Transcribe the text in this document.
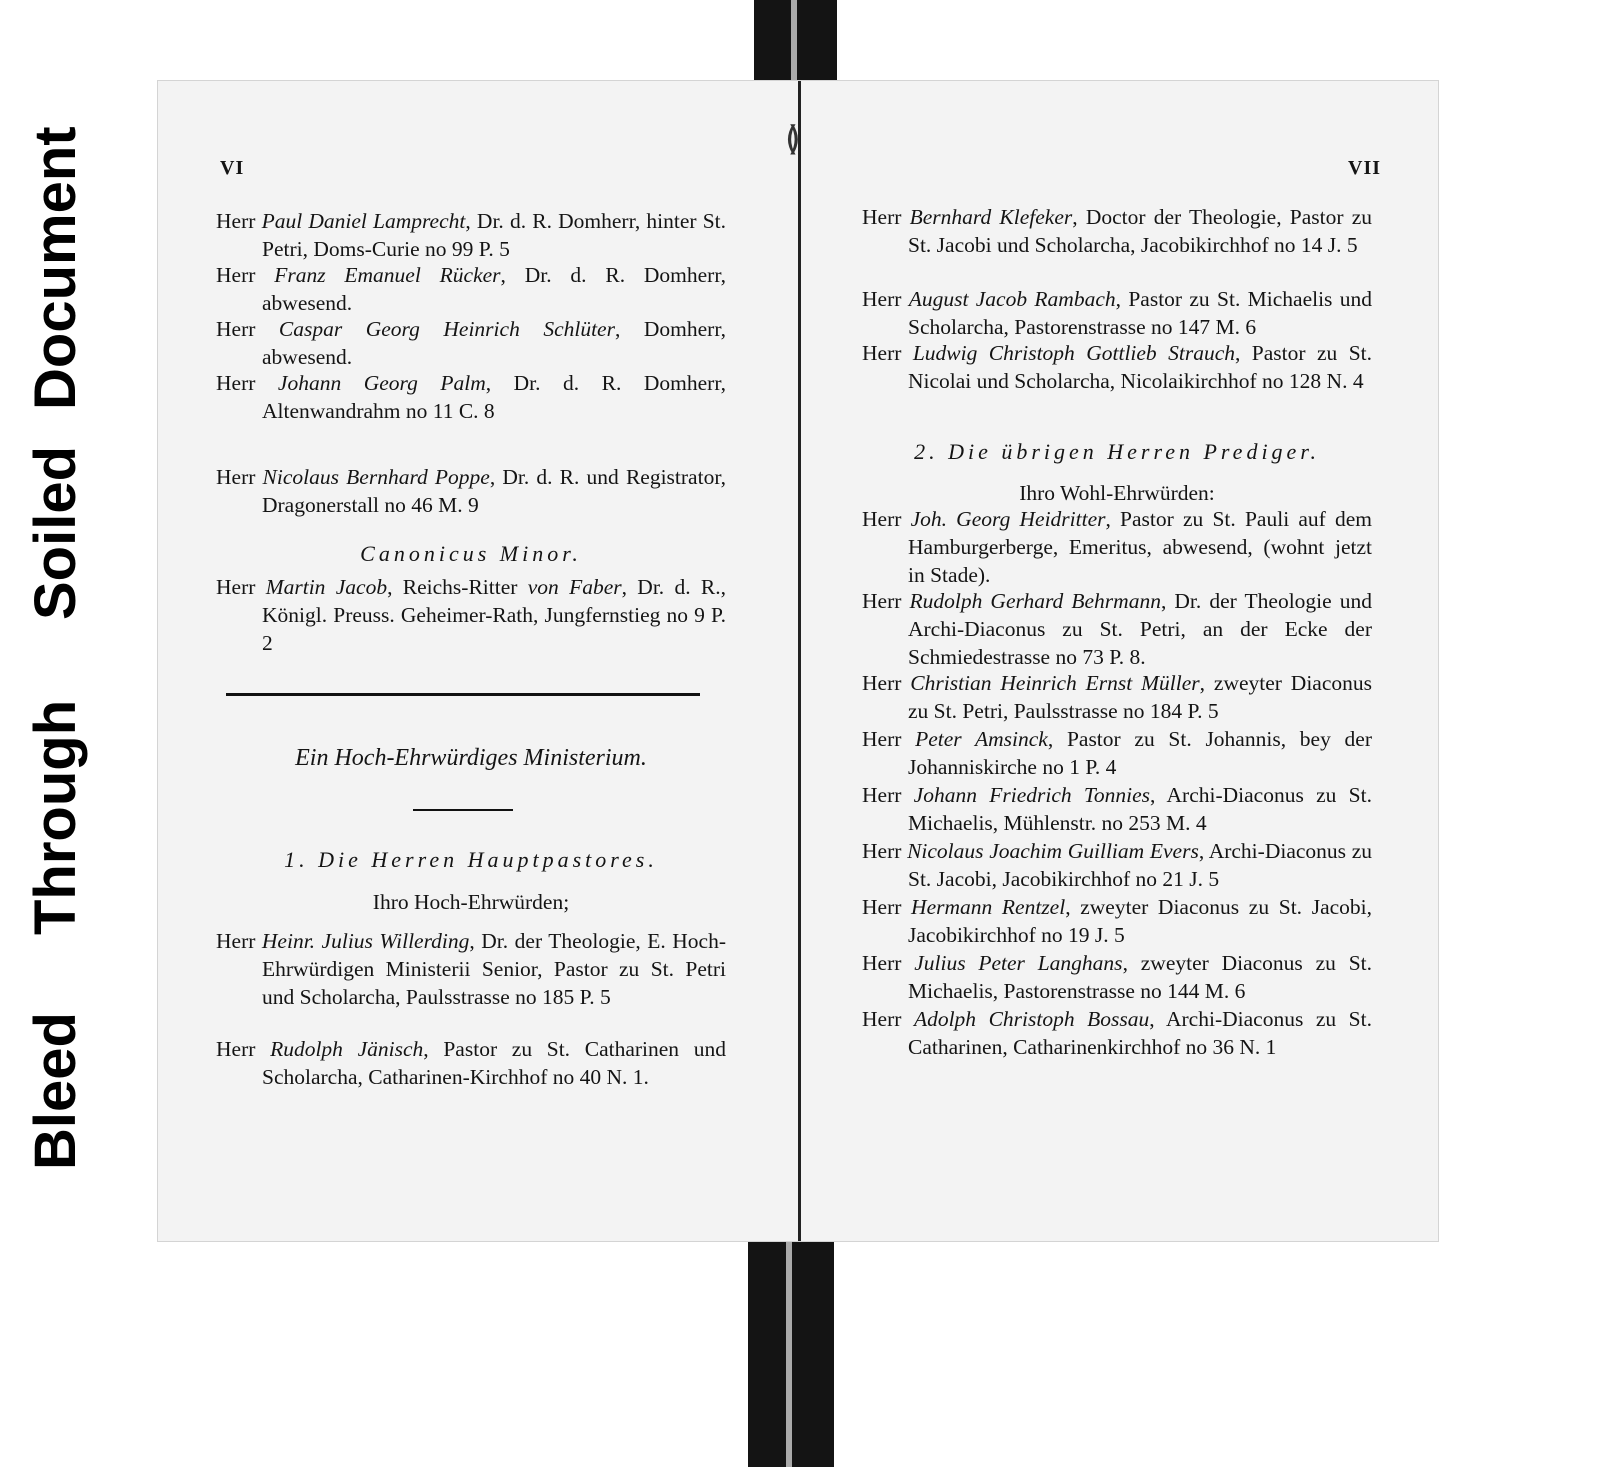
Bleed
Through
Soiled
Document	≬
VI
Herr Paul Daniel Lamprecht, Dr. d. R. Domherr, hinter St. Petri, Doms-Curie no 99 P. 5
Herr Franz Emanuel Rücker, Dr. d. R. Domherr, abwesend.
Herr Caspar Georg Heinrich Schlüter, Domherr, abwesend.
Herr Johann Georg Palm, Dr. d. R. Domherr, Altenwandrahm no 11 C. 8
Herr Nicolaus Bernhard Poppe, Dr. d. R. und Registrator, Dragonerstall no 46 M. 9
Canonicus Minor.
Herr Martin Jacob, Reichs-Ritter von Faber, Dr. d. R., Königl. Preuss. Geheimer-Rath, Jungfernstieg no 9 P. 2
Ein Hoch-Ehrwürdiges Ministerium.
1. Die Herren Hauptpastores.
Ihro Hoch-Ehrwürden;
Herr Heinr. Julius Willerding, Dr. der Theologie, E. Hoch-Ehrwürdigen Ministerii Senior, Pastor zu St. Petri und Scholarcha, Paulsstrasse no 185 P. 5
Herr Rudolph Jänisch, Pastor zu St. Catharinen und Scholarcha, Catharinen-Kirchhof no 40 N. 1.
VII
Herr Bernhard Klefeker, Doctor der Theologie, Pastor zu St. Jacobi und Scholarcha, Jacobikirchhof no 14 J. 5
Herr August Jacob Rambach, Pastor zu St. Michaelis und Scholarcha, Pastorenstrasse no 147 M. 6
Herr Ludwig Christoph Gottlieb Strauch, Pastor zu St. Nicolai und Scholarcha, Nicolaikirchhof no 128 N. 4
2. Die übrigen Herren Prediger.
Ihro Wohl-Ehrwürden:
Herr Joh. Georg Heidritter, Pastor zu St. Pauli auf dem Hamburgerberge, Emeritus, abwesend, (wohnt jetzt in Stade).
Herr Rudolph Gerhard Behrmann, Dr. der Theologie und Archi-Diaconus zu St. Petri, an der Ecke der Schmiedestrasse no 73 P. 8.
Herr Christian Heinrich Ernst Müller, zweyter Diaconus zu St. Petri, Paulsstrasse no 184 P. 5
Herr Peter Amsinck, Pastor zu St. Johannis, bey der Johanniskirche no 1 P. 4
Herr Johann Friedrich Tonnies, Archi-Diaconus zu St. Michaelis, Mühlenstr. no 253 M. 4
Herr Nicolaus Joachim Guilliam Evers, Archi-Diaconus zu St. Jacobi, Jacobikirchhof no 21 J. 5
Herr Hermann Rentzel, zweyter Diaconus zu St. Jacobi, Jacobikirchhof no 19 J. 5
Herr Julius Peter Langhans, zweyter Diaconus zu St. Michaelis, Pastorenstrasse no 144 M. 6
Herr Adolph Christoph Bossau, Archi-Diaconus zu St. Catharinen, Catharinenkirchhof no 36 N. 1
